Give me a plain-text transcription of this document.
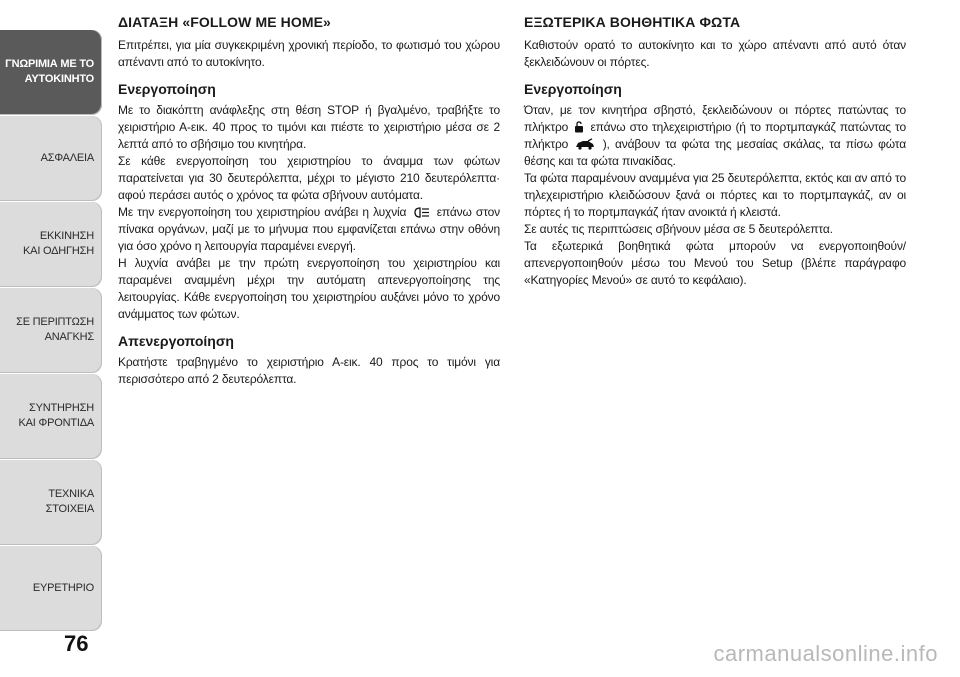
ΓΝΩΡΙΜΙΑ ΜΕ ΤΟ
ΑΥΤΟΚΙΝΗΤΟ
ΑΣΦΑΛΕΙΑ
ΕΚΚΙΝΗΣΗ
ΚΑΙ ΟΔΗΓΗΣΗ
ΣΕ ΠΕΡΙΠΤΩΣΗ
ΑΝΑΓΚΗΣ
ΣΥΝΤΗΡΗΣΗ
ΚΑΙ ΦΡΟΝΤΙΔΑ
ΤΕΧΝΙΚΑ
ΣΤΟΙΧΕΙΑ
ΕΥΡΕΤΗΡΙΟ
76
ΔΙΑΤΑΞΗ «FOLLOW ME HOME»

Επιτρέπει, για μία συγκεκριμένη χρονική περίοδο, το φωτισμό του χώρου απέναντι από το αυτοκίνητο.

Ενεργοποίηση

Με το διακόπτη ανάφλεξης στη θέση STOP ή βγαλμένο, τραβήξτε το χειριστήριο Α-εικ. 40 προς το τιμόνι και πιέστε το χειριστήριο μέσα σε 2 λεπτά από το σβήσιμο του κινητήρα.

Σε κάθε ενεργοποίηση του χειριστηρίου το άναμμα των φώτων παρατείνεται για 30 δευτερόλεπτα, μέχρι το μέγιστο 210 δευτερόλεπτα· αφού περάσει αυτός ο χρόνος τα φώτα σβήνουν αυτόματα.

Με την ενεργοποίηση του χειριστηρίου ανάβει η λυχνία	επάνω στον πίνακα οργάνων, μαζί με το μήνυμα που εμφανίζεται επάνω στην οθόνη για όσο χρόνο η λειτουργία παραμένει ενεργή.

Η λυχνία ανάβει με την πρώτη ενεργοποίηση του χειριστηρίου και παραμένει αναμμένη μέχρι την αυτόματη απενεργοποίησης της λειτουργίας. Κάθε ενεργοποίηση του χειριστηρίου αυξάνει μόνο το χρόνο ανάμματος των φώτων.

Απενεργοποίηση

Κρατήστε τραβηγμένο το χειριστήριο Α-εικ. 40 προς το τιμόνι για περισσότερο από 2 δευτερόλεπτα.

ΕΞΩΤΕΡΙΚΑ ΒΟΗΘΗΤΙΚΑ ΦΩΤΑ

Καθιστούν ορατό το αυτοκίνητο και το χώρο απέναντι από αυτό όταν ξεκλειδώνουν οι πόρτες.

Ενεργοποίηση

Όταν, με τον κινητήρα σβηστό, ξεκλειδώνουν οι πόρτες πατώντας το πλήκτρο επάνω στο τηλεχειριστήριο (ή το πορτμπαγκάζ πατώντας το πλήκτρο	), ανάβουν τα φώτα της μεσαίας σκάλας, τα πίσω φώτα θέσης και τα φώτα πινακίδας.

Τα φώτα παραμένουν αναμμένα για 25 δευτερόλεπτα, εκτός και αν από το τηλεχειριστήριο κλειδώσουν ξανά οι πόρτες και το πορτμπαγκάζ, αν οι πόρτες ή το πορτμπαγκάζ ήταν ανοικτά ή κλειστά.

Σε αυτές τις περιπτώσεις σβήνουν μέσα σε 5 δευτερόλεπτα.

Τα εξωτερικά βοηθητικά φώτα μπορούν να ενεργοποιηθούν/απενεργοποιηθούν μέσω του Μενού του Setup (βλέπε παράγραφο «Κατηγορίες Μενού» σε αυτό το κεφάλαιο).

carmanualsonline.info
